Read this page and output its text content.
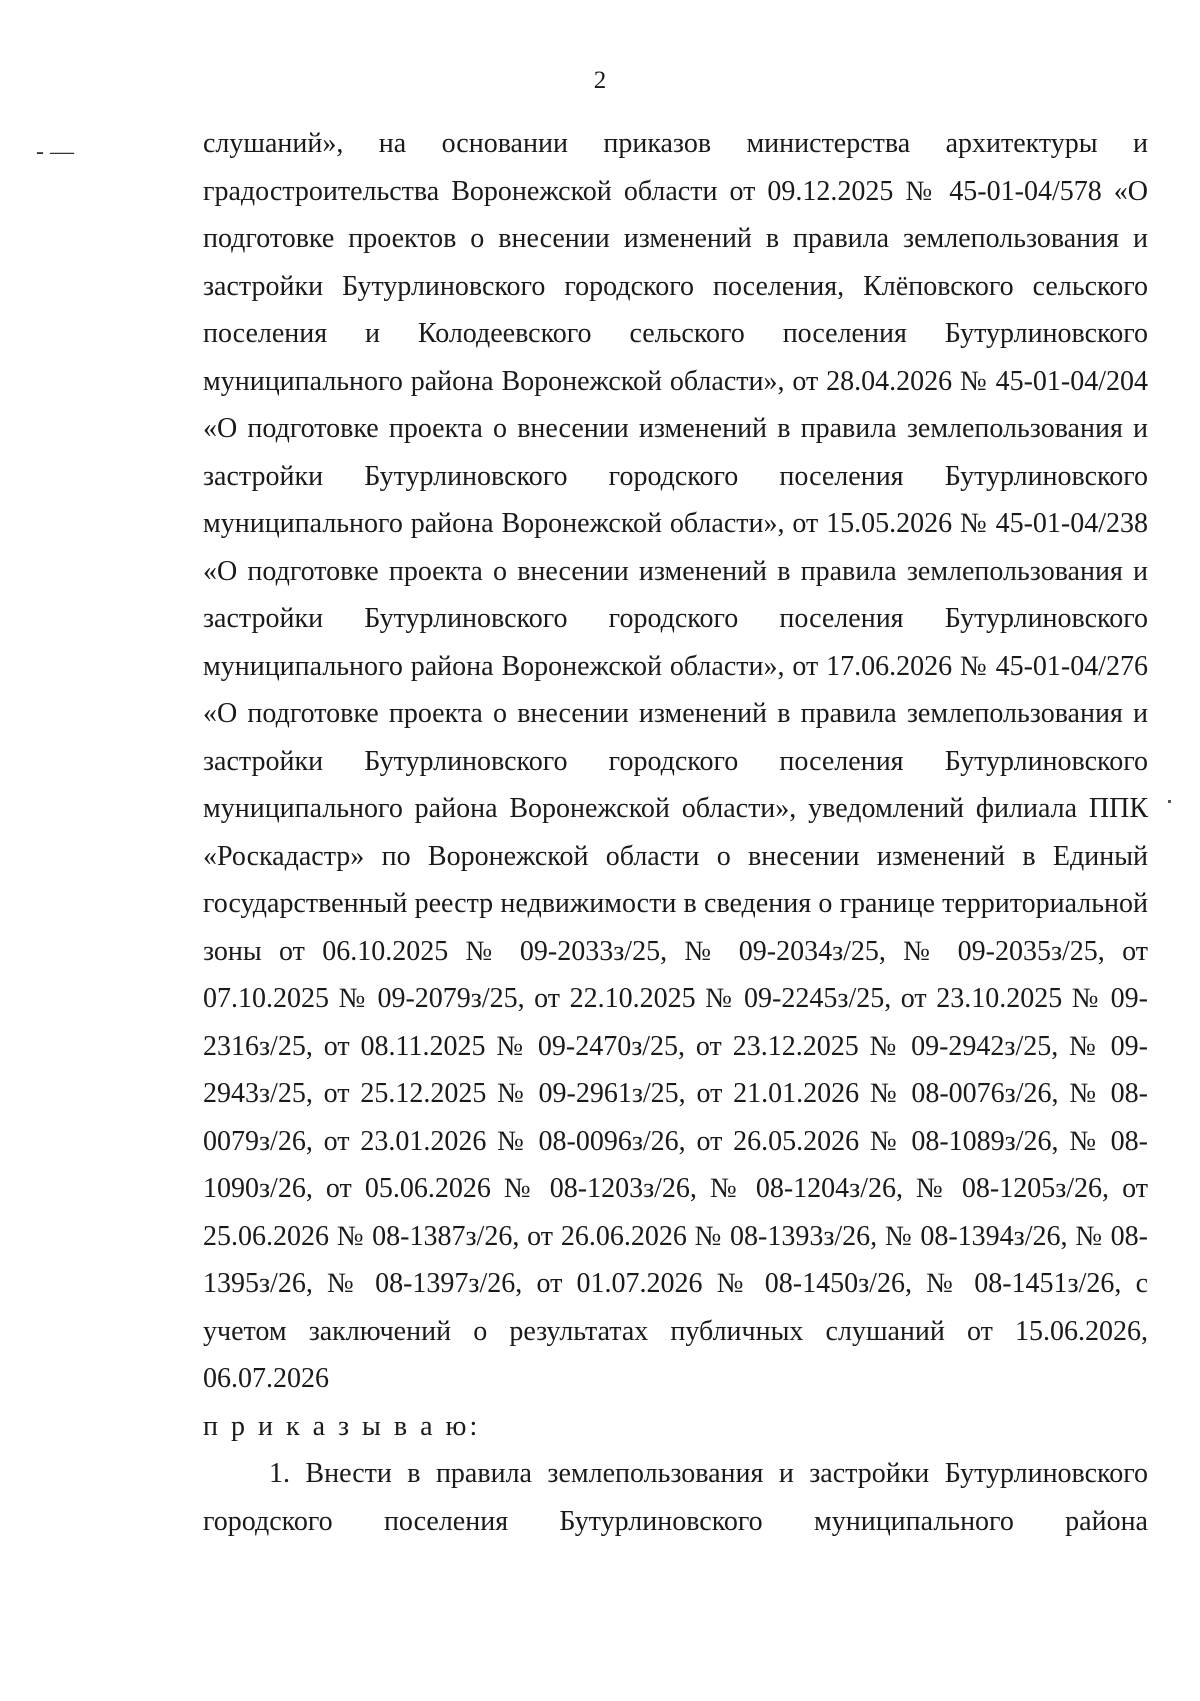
2
- —	слушаний», на основании приказов министерства архитектуры и градостроительства Воронежской области от 09.12.2025 № 45-01-04/578 «О подготовке проектов о внесении изменений в правила землепользования и застройки Бутурлиновского городского поселения, Клёповского сельского поселения и Колодеевского сельского поселения Бутурлиновского муниципального района Воронежской области», от 28.04.2026 № 45-01-04/204 «О подготовке проекта о внесении изменений в правила землепользования и застройки Бутурлиновского городского поселения Бутурлиновского муниципального района Воронежской области», от 15.05.2026 № 45-01-04/238 «О подготовке проекта о внесении изменений в правила землепользования и застройки Бутурлиновского городского поселения Бутурлиновского муниципального района Воронежской области», от 17.06.2026 № 45-01-04/276 «О подготовке проекта о внесении изменений в правила землепользования и застройки Бутурлиновского городского поселения Бутурлиновского муниципального района Воронежской области», уведомлений филиала ППК «Роскадастр» по Воронежской области о внесении изменений в Единый государственный реестр недвижимости в сведения о границе территориальной зоны от 06.10.2025 № 09-2033з/25, № 09-2034з/25, № 09-2035з/25, от 07.10.2025 № 09-2079з/25, от 22.10.2025 № 09-2245з/25, от 23.10.2025 № 09-2316з/25, от 08.11.2025 № 09-2470з/25, от 23.12.2025 № 09-2942з/25, № 09-2943з/25, от 25.12.2025 № 09-2961з/25, от 21.01.2026 № 08-0076з/26, № 08-0079з/26, от 23.01.2026 № 08-0096з/26, от 26.05.2026 № 08-1089з/26, № 08-1090з/26, от 05.06.2026 № 08-1203з/26, № 08-1204з/26, № 08-1205з/26, от 25.06.2026 № 08-1387з/26, от 26.06.2026 № 08-1393з/26, № 08-1394з/26, № 08-1395з/26, № 08-1397з/26, от 01.07.2026 № 08-1450з/26, № 08-1451з/26, с учетом заключений о результатах публичных слушаний от 15.06.2026, 06.07.2026

п р и к а з ы в а ю:

1. Внести в правила землепользования и застройки Бутурлиновского городского поселения Бутурлиновского муниципального района
